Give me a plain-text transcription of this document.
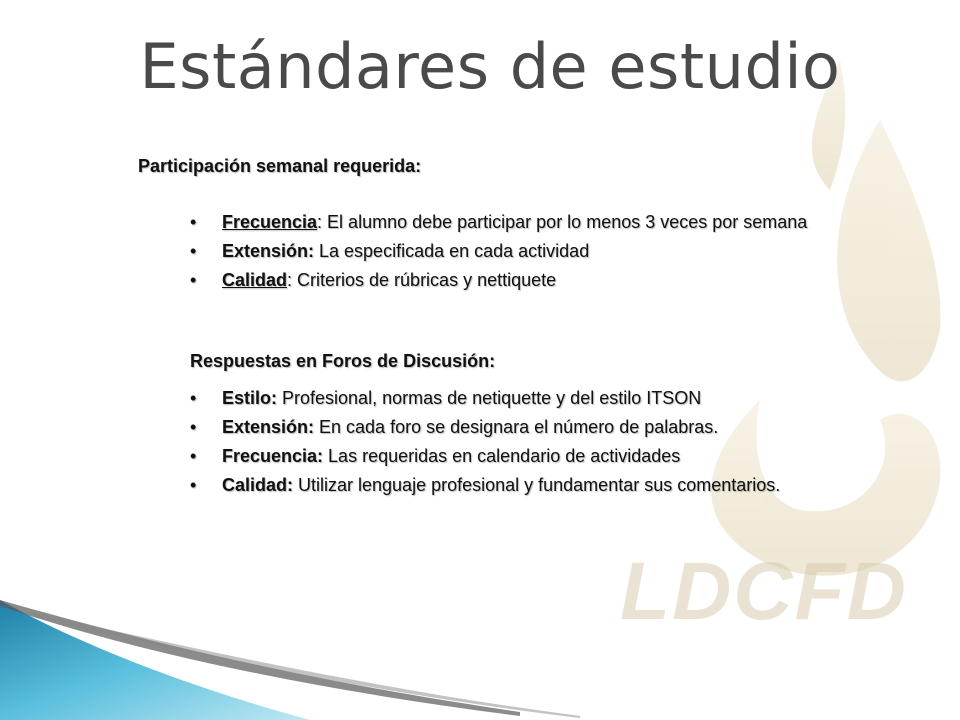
LDCFD
Estándares de estudio
Participación semanal requerida:
•	Frecuencia: El alumno debe participar por lo menos 3 veces por semana
•	Extensión: La especificada en cada actividad
•	Calidad: Criterios de rúbricas y nettiquete
Respuestas en Foros de Discusión:
•	Estilo: Profesional, normas de netiquette y del estilo ITSON
•	Extensión: En cada foro se designara el número de palabras.
•	Frecuencia: Las requeridas en calendario de actividades
•	Calidad: Utilizar lenguaje profesional y fundamentar sus comentarios.
